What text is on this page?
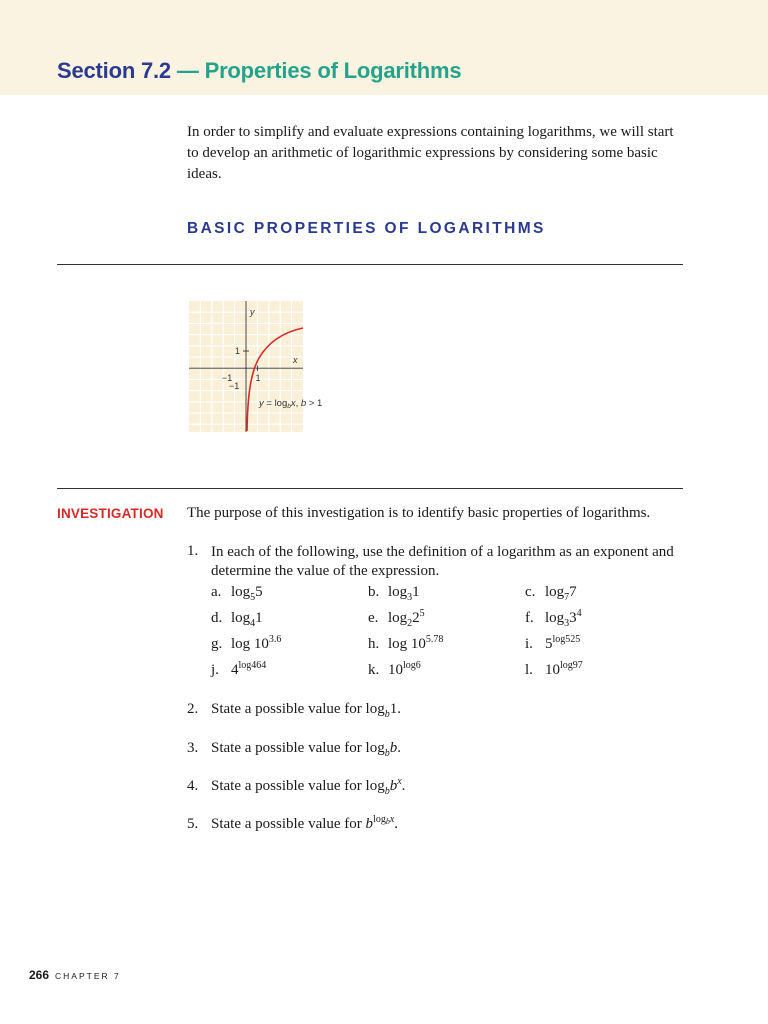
Section 7.2 — Properties of Logarithms

In order to simplify and evaluate expressions containing logarithms, we will start to develop an arithmetic of logarithmic expressions by considering some basic ideas.

BASIC PROPERTIES OF LOGARITHMS
y
x
1
−1
−1
1
$y = \log_bx$, b > 1
INVESTIGATION The purpose of this investigation is to identify basic properties of logarithms.
1. In each of the following, use the definition of a logarithm as an exponent and determine the value of the expression.

a. $\log_55$	b. $\log_31$	c. $\log_77$
d. $\log_41$	e. $\log_22^5$	f. $\log_33^4$
g. $\log 10^{3.6}$	h. $\log 10^{5.78}$	i. $5^{log525}$
j. $4^{log464}$	k. $10^{log6}$	l. $10^{log97}$
2. State a possible value for $\log_b1$.
3. State a possible value for $\log_bb$.
4. State a possible value for $\log_bb^x$.
5. State a possible value for $b^{log_bx}$.
266 CHAPTER 7
